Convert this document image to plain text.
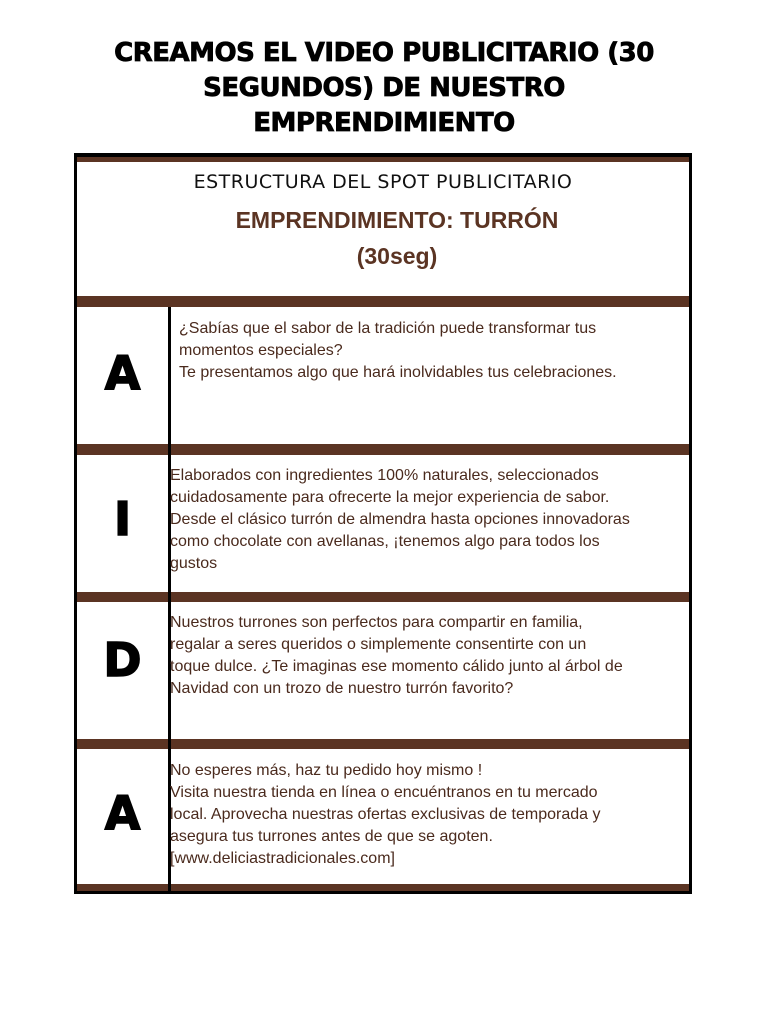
CREAMOS EL VIDEO PUBLICITARIO (30
SEGUNDOS) DE NUESTRO
EMPRENDIMIENTO
ESTRUCTURA DEL SPOT PUBLICITARIO
EMPRENDIMIENTO: TURRÓN
(30seg)
A
¿Sabías que el sabor de la tradición puede transformar tus
momentos especiales?
Te presentamos algo que hará inolvidables tus celebraciones.
I
Elaborados con ingredientes 100% naturales, seleccionados
cuidadosamente para ofrecerte la mejor experiencia de sabor.
Desde el clásico turrón de almendra hasta opciones innovadoras
como chocolate con avellanas, ¡tenemos algo para todos los
gustos
D
Nuestros turrones son perfectos para compartir en familia,
regalar a seres queridos o simplemente consentirte con un
toque dulce. ¿Te imaginas ese momento cálido junto al árbol de
Navidad con un trozo de nuestro turrón favorito?
A
No esperes más, haz tu pedido hoy mismo !
Visita nuestra tienda en línea o encuéntranos en tu mercado
local. Aprovecha nuestras ofertas exclusivas de temporada y
asegura tus turrones antes de que se agoten.
[www.deliciastradicionales.com]
